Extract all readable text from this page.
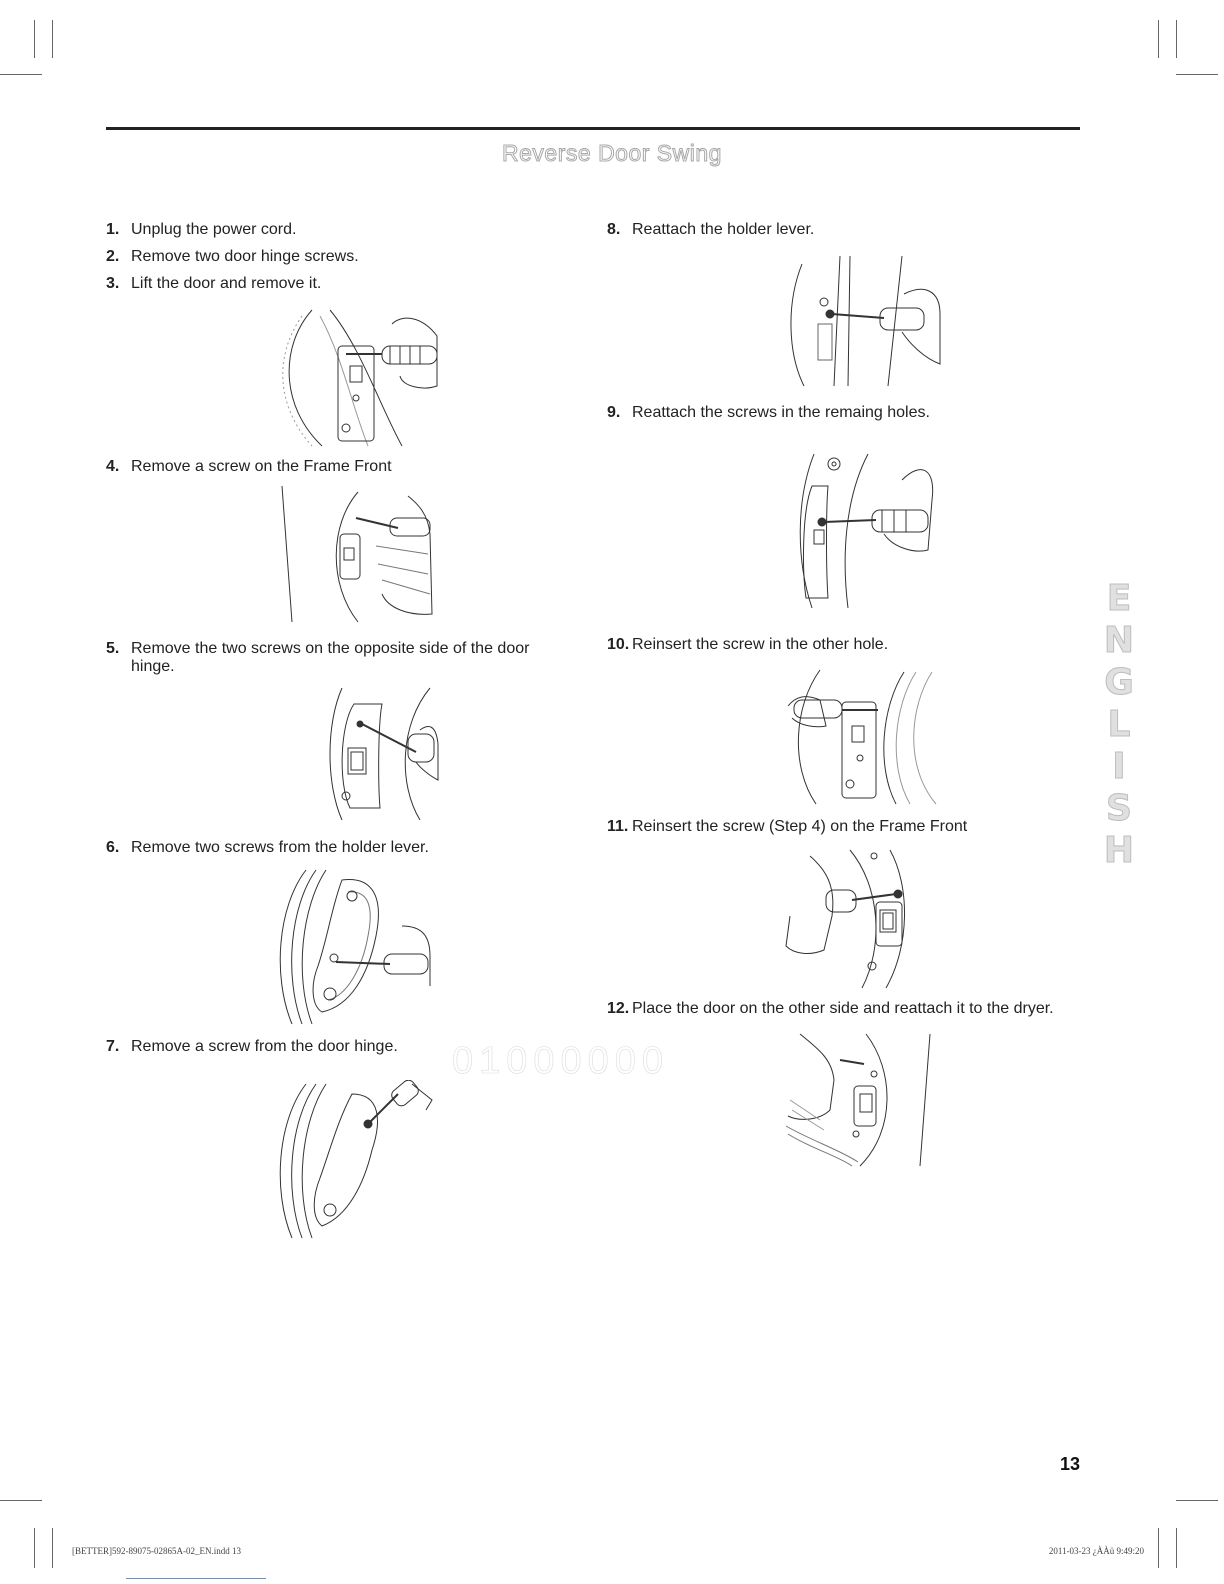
Reverse Door Swing
1. Unplug the power cord.
2. Remove two door hinge screws.
3. Lift the door and remove it.
4. Remove a screw on the Frame Front
5. Remove the two screws on the opposite side of the door hinge.
6. Remove two screws from the holder lever.
7. Remove a screw from the door hinge.
8. Reattach the holder lever.
9. Reattach the screws in the remaing holes.
10. Reinsert the screw in the other hole.
11. Reinsert the screw (Step 4) on the Frame Front
12. Place the door on the other side and reattach it to the dryer.
01000000
E
N
G
L
I
S
H
13
[BETTER]592-89075-02865A-02_EN.indd 13	2011-03-23 ¿ÀÀü 9:49:20
